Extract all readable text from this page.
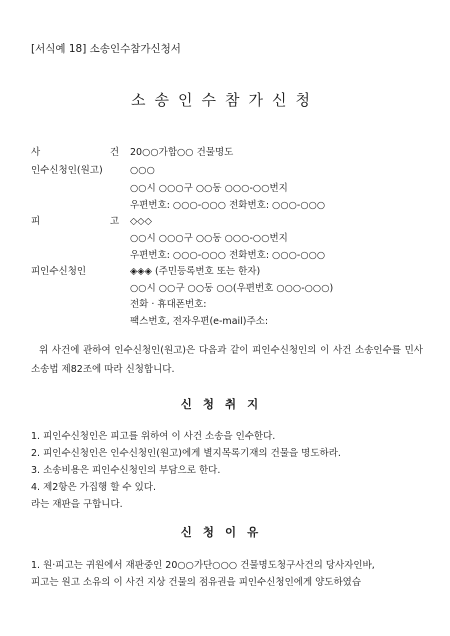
[서식예 18] 소송인수참가신청서
소송인수참가신청
사	건 20○○가합○○ 건물명도
인수신청인(원고)	○○○
○○시 ○○○구 ○○동 ○○○-○○번지
우편번호: ○○○-○○○ 전화번호: ○○○-○○○
피	고 ◇◇◇
○○시 ○○○구 ○○동 ○○○-○○번지
우편번호: ○○○-○○○ 전화번호: ○○○-○○○
피인수신청인	◈◈◈ (주민등록번호 또는 한자)
○○시 ○○구 ○○동 ○○(우편번호 ○○○-○○○)
전화 · 휴대폰번호:
팩스번호, 전자우편(e-mail)주소:
위 사건에 관하여 인수신청인(원고)은 다음과 같이 피인수신청인의 이 사건 소송인수를 민사소송법 제82조에 따라 신청합니다.
신청취지
1. 피인수신청인은 피고를 위하여 이 사건 소송을 인수한다.
2. 피인수신청인은 인수신청인(원고)에게 별지목록기재의 건물을 명도하라.
3. 소송비용은 피인수신청인의 부담으로 한다.
4. 제2항은 가집행 할 수 있다.
라는 재판을 구합니다.
신청이유
1. 원·피고는 귀원에서 재판중인 20○○가단○○○ 건물명도청구사건의 당사자인바,
피고는 원고 소유의 이 사건 지상 건물의 점유권을 피인수신청인에게 양도하였습
